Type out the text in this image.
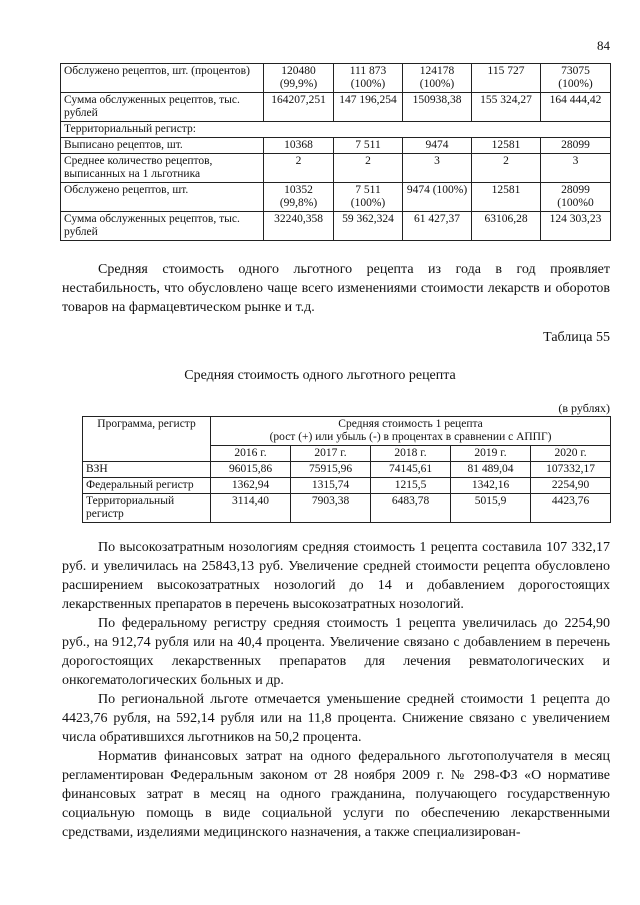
84
Обслужено рецептов, шт. (процентов)	120480 (99,9%)	111 873 (100%)	124178 (100%)	115 727	73075 (100%)
Сумма обслуженных рецептов, тыс. рублей	164207,251	147 196,254	150938,38	155 324,27	164 444,42
Территориальный регистр:					
Выписано рецептов, шт.	10368	7 511	9474	12581	28099
Среднее количество рецептов, выписанных на 1 льготника	2	2	3	2	3
Обслужено рецептов, шт.	10352 (99,8%)	7 511 (100%)	9474 (100%)	12581	28099 (100%0
Сумма обслуженных рецептов, тыс. рублей	32240,358	59 362,324	61 427,37	63106,28	124 303,23
Средняя стоимость одного льготного рецепта из года в год проявляет нестабильность, что обусловлено чаще всего изменениями стоимости лекарств и оборотов товаров на фармацевтическом рынке и т.д.
Таблица 55
Средняя стоимость одного льготного рецепта
(в рублях)
Программа, регистр	Средняя стоимость 1 рецепта
(рост (+) или убыль (-) в процентах в сравнении с АППГ)				

	2016 г.	2017 г.	2018 г.	2019 г.	2020 г.
ВЗН	96015,86	75915,96	74145,61	81 489,04	107332,17
Федеральный регистр	1362,94	1315,74	1215,5	1342,16	2254,90
Территориальный регистр	3114,40	7903,38	6483,78	5015,9	4423,76

По высокозатратным нозологиям средняя стоимость 1 рецепта составила 107 332,17 руб. и увеличилась на 25843,13 руб. Увеличение средней стоимости рецепта обусловлено расширением высокозатратных нозологий до 14 и добавлением дорогостоящих лекарственных препаратов в перечень высокозатратных нозологий.

По федеральному регистру средняя стоимость 1 рецепта увеличилась до 2254,90 руб., на 912,74 рубля или на 40,4 процента. Увеличение связано с добавлением в перечень дорогостоящих лекарственных препаратов для лечения ревматологических и онкогематологических больных и др.

По региональной льготе отмечается уменьшение средней стоимости 1 рецепта до 4423,76 рубля, на 592,14 рубля или на 11,8 процента. Снижение связано с увеличением числа обратившихся льготников на 50,2 процента.

Норматив финансовых затрат на одного федерального льготополучателя в месяц регламентирован Федеральным законом от 28 ноября 2009 г. № 298-ФЗ «О нормативе финансовых затрат в месяц на одного гражданина, получающего государственную социальную помощь в виде социальной услуги по обеспечению лекарственными средствами, изделиями медицинского назначения, а также специализирован-
